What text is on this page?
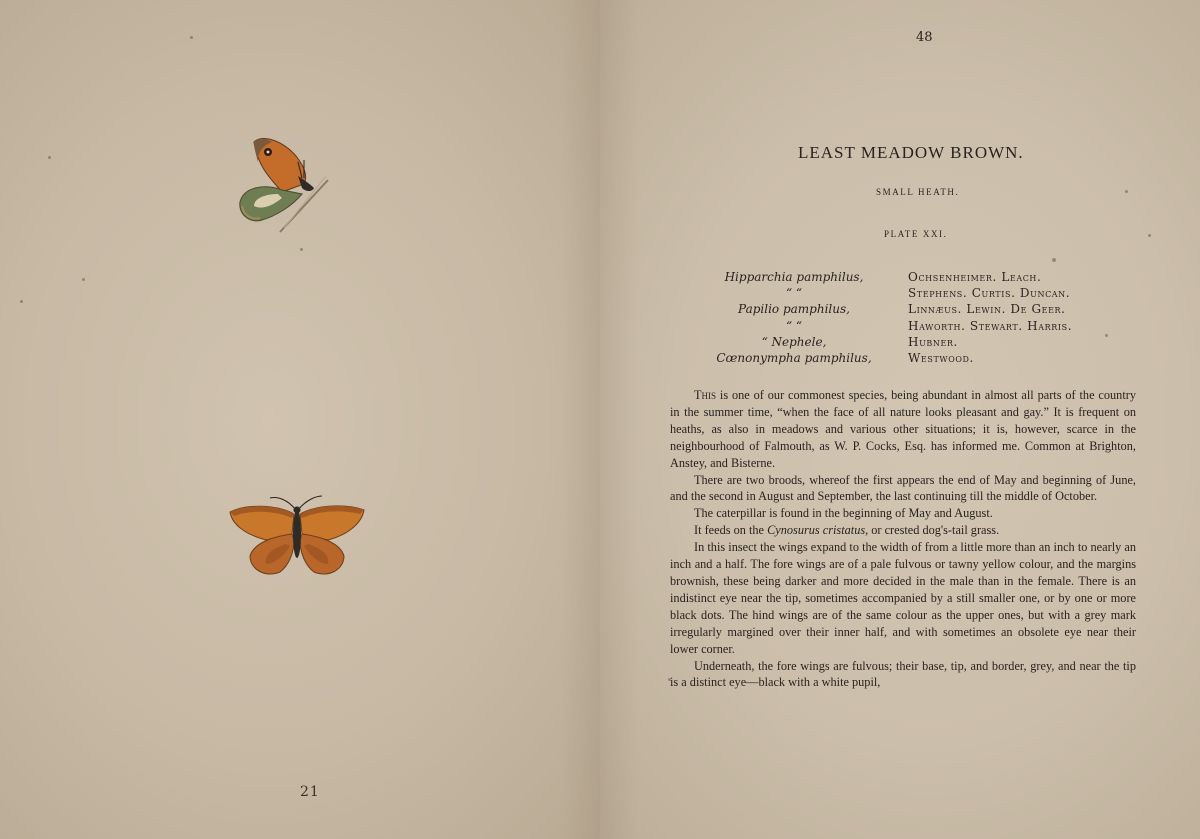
21
48
LEAST MEADOW BROWN.
SMALL HEATH.
PLATE XXI.
Hipparchia pamphilus,
“ “
Papilio pamphilus,
“ “
“ Nephele,
Cœnonympha pamphilus,
Ochsenheimer. Leach.
Stephens. Curtis. Duncan.
Linnæus. Lewin. De Geer.
Haworth. Stewart. Harris.
Hubner.
Westwood.

This is one of our commonest species, being abundant in almost all parts of the country in the summer time, “when the face of all nature looks pleasant and gay.” It is frequent on heaths, as also in meadows and various other situations; it is, however, scarce in the neighbourhood of Falmouth, as W. P. Cocks, Esq. has informed me. Common at Brighton, Anstey, and Bisterne.

There are two broods, whereof the first appears the end of May and beginning of June, and the second in August and September, the last continuing till the middle of October.

The caterpillar is found in the beginning of May and August.

It feeds on the Cynosurus cristatus, or crested dog's-tail grass.

In this insect the wings expand to the width of from a little more than an inch to nearly an inch and a half. The fore wings are of a pale fulvous or tawny yellow colour, and the margins brownish, these being darker and more decided in the male than in the female. There is an indistinct eye near the tip, sometimes accompanied by a still smaller one, or by one or more black dots. The hind wings are of the same colour as the upper ones, but with a grey mark irregularly margined over their inner half, and with sometimes an obsolete eye near their lower corner.

Underneath, the fore wings are fulvous; their base, tip, and border, grey, and near the tip is a distinct eye—black with a white pupil,
